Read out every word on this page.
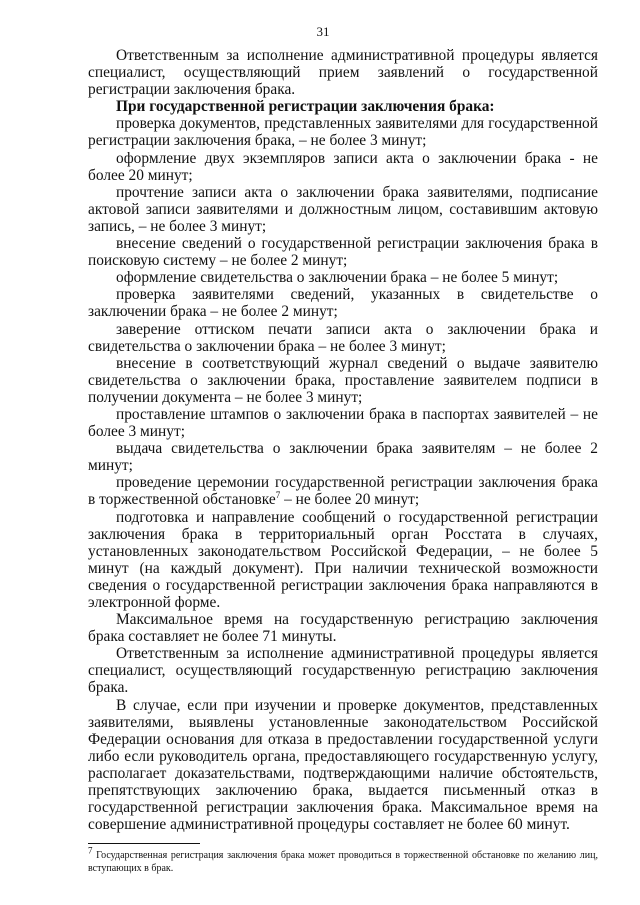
31

Ответственным за исполнение административной процедуры является специалист, осуществляющий прием заявлений о государственной регистрации заключения брака.

При государственной регистрации заключения брака:

проверка документов, представленных заявителями для государственной регистрации заключения брака, – не более 3 минут;

оформление двух экземпляров записи акта о заключении брака - не более 20 минут;

прочтение записи акта о заключении брака заявителями, подписание актовой записи заявителями и должностным лицом, составившим актовую запись, – не более 3 минут;

внесение сведений о государственной регистрации заключения брака в поисковую систему – не более 2 минут;

оформление свидетельства о заключении брака – не более 5 минут;

проверка заявителями сведений, указанных в свидетельстве о заключении брака – не более 2 минут;

заверение оттиском печати записи акта о заключении брака и свидетельства о заключении брака – не более 3 минут;

внесение в соответствующий журнал сведений о выдаче заявителю свидетельства о заключении брака, проставление заявителем подписи в получении документа – не более 3 минут;

проставление штампов о заключении брака в паспортах заявителей – не более 3 минут;

выдача свидетельства о заключении брака заявителям – не более 2 минут;

проведение церемонии государственной регистрации заключения брака в торжественной обстановке$^7$ – не более 20 минут;

подготовка и направление сообщений о государственной регистрации заключения брака в территориальный орган Росстата в случаях, установленных законодательством Российской Федерации, – не более 5 минут (на каждый документ). При наличии технической возможности сведения о государственной регистрации заключения брака направляются в электронной форме.

Максимальное время на государственную регистрацию заключения брака составляет не более 71 минуты.

Ответственным за исполнение административной процедуры является специалист, осуществляющий государственную регистрацию заключения брака.

В случае, если при изучении и проверке документов, представленных заявителями, выявлены установленные законодательством Российской Федерации основания для отказа в предоставлении государственной услуги либо если руководитель органа, предоставляющего государственную услугу, располагает доказательствами, подтверждающими наличие обстоятельств, препятствующих заключению брака, выдается письменный отказ в государственной регистрации заключения брака. Максимальное время на совершение административной процедуры составляет не более 60 минут.

$^7$ Государственная регистрация заключения брака может проводиться в торжественной обстановке по желанию лиц, вступающих в брак.
